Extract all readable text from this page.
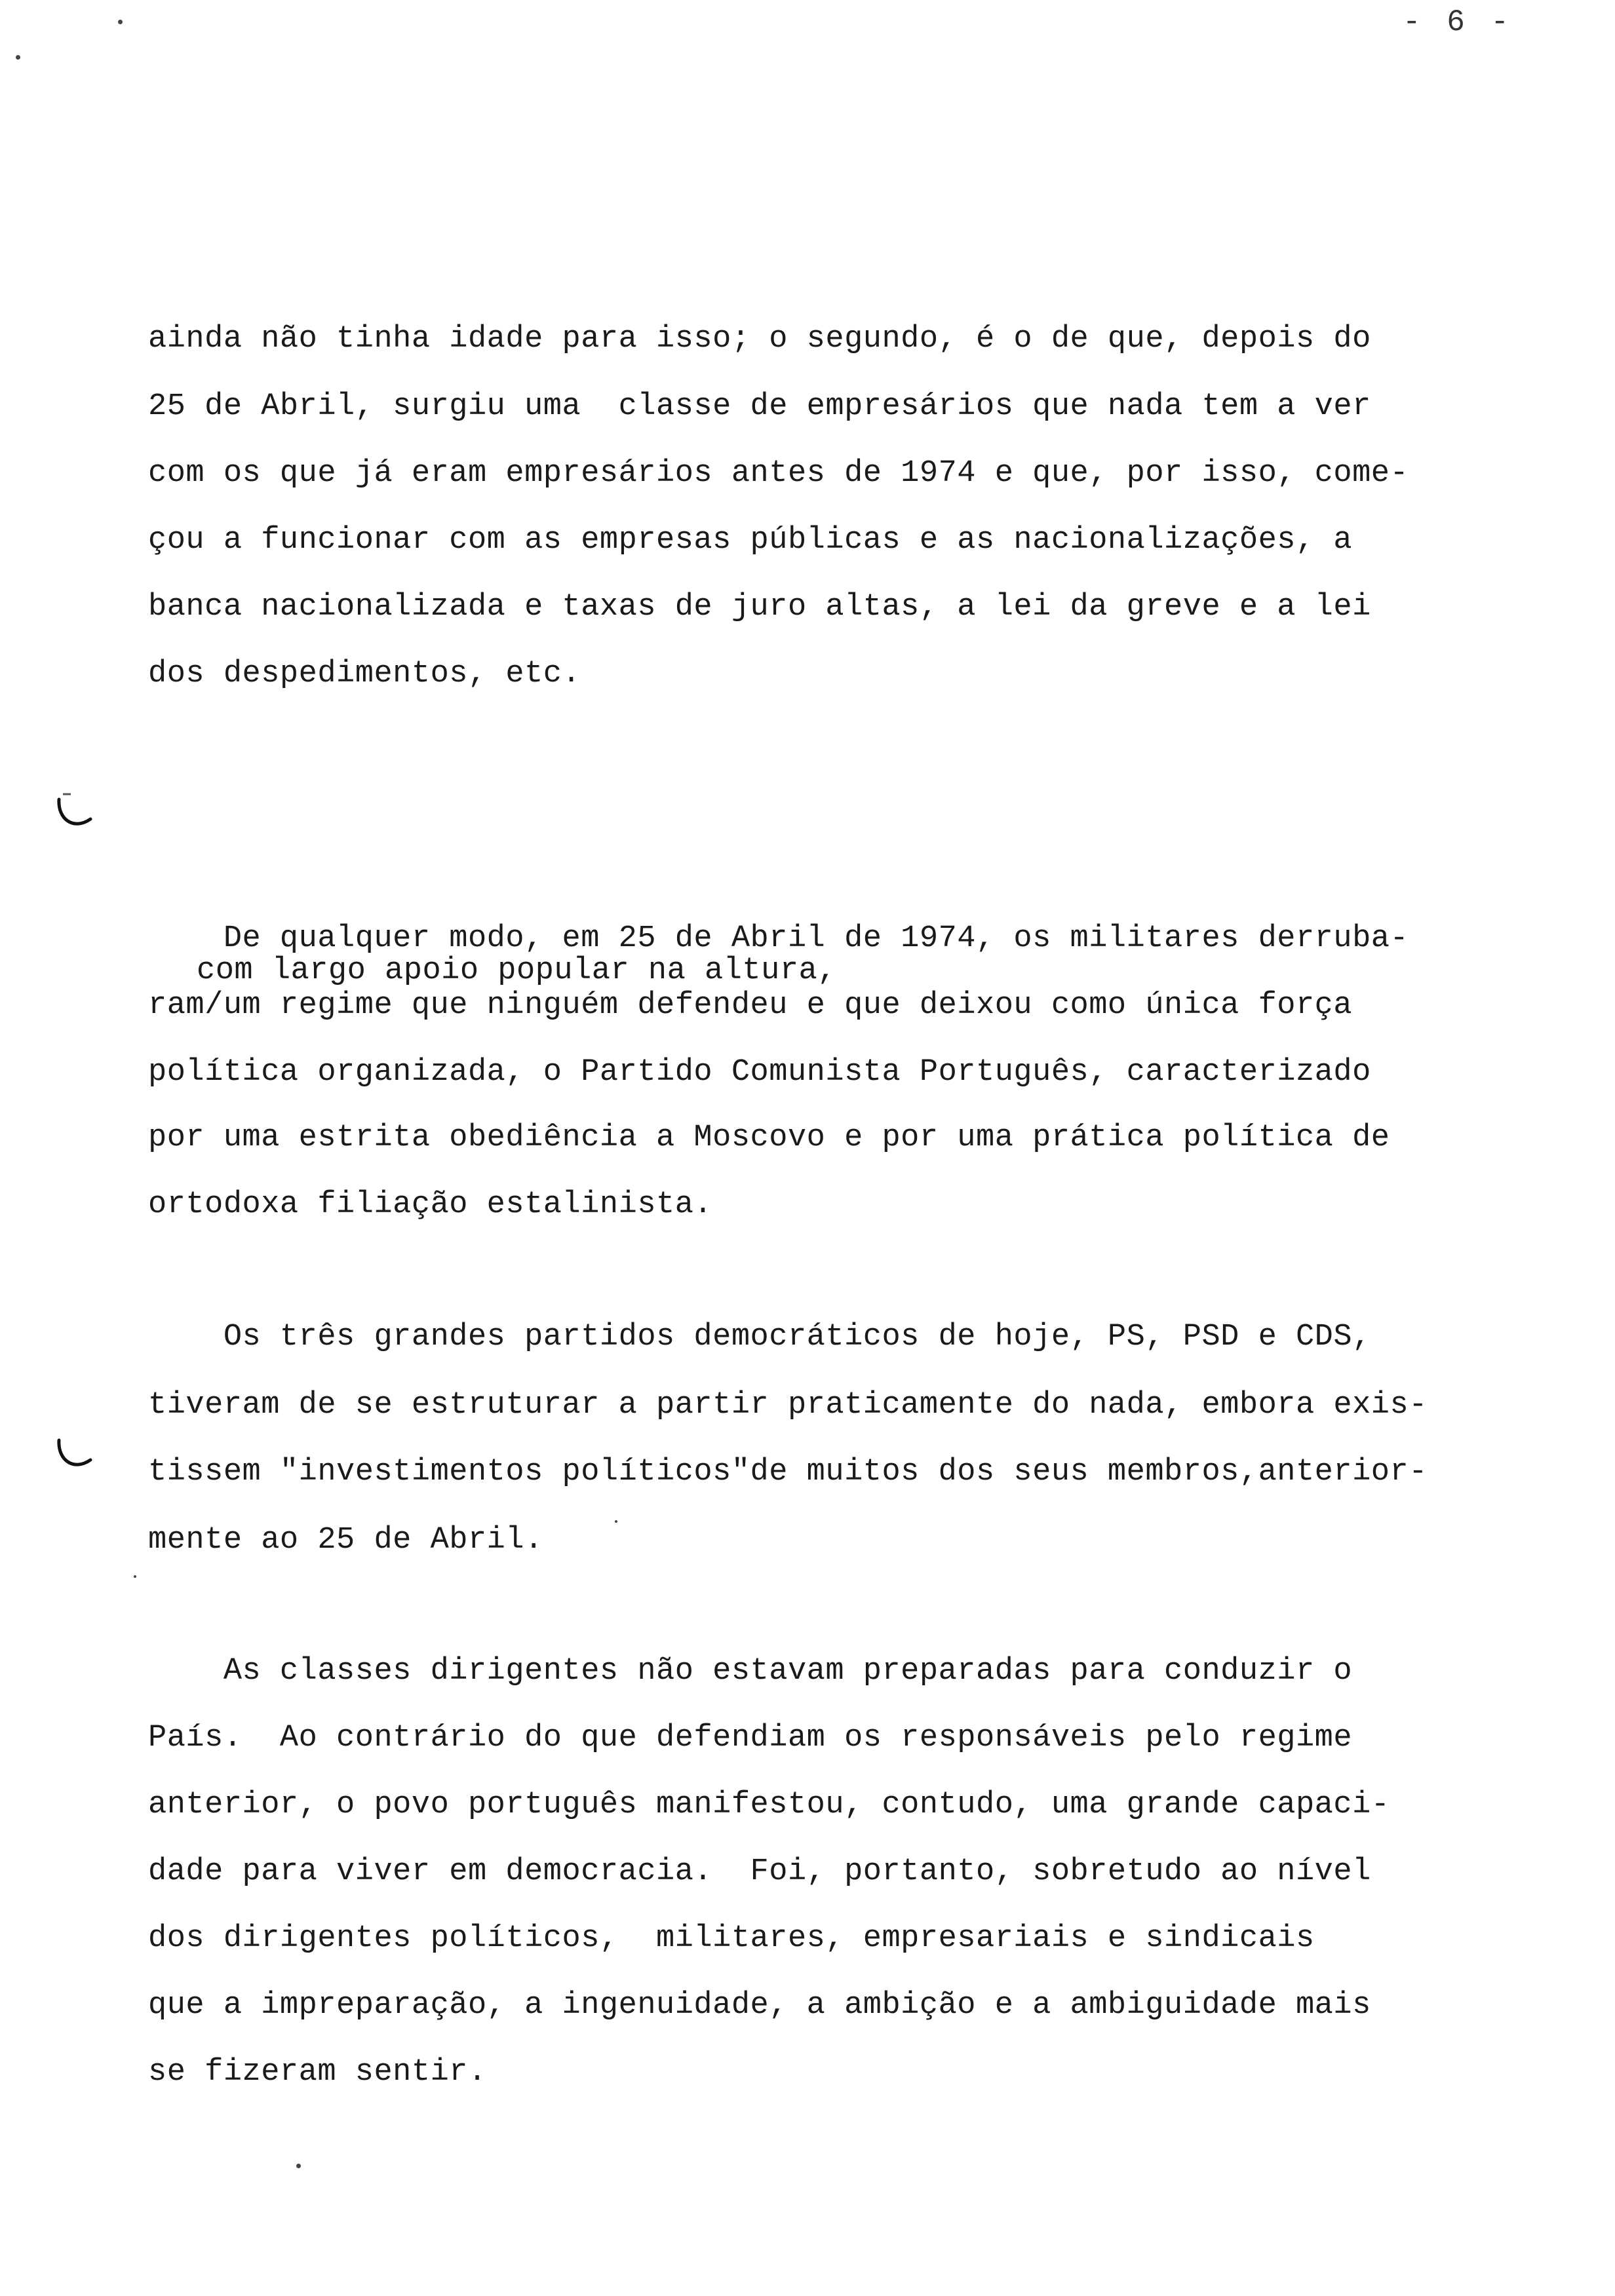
- 6 -
ainda não tinha idade para isso; o segundo, é o de que, depois do
25 de Abril, surgiu uma  classe de empresários que nada tem a ver
com os que já eram empresários antes de 1974 e que, por isso, come-
çou a funcionar com as empresas públicas e as nacionalizações, a
banca nacionalizada e taxas de juro altas, a lei da greve e a lei
dos despedimentos, etc.
De qualquer modo, em 25 de Abril de 1974, os militares derruba-
com largo apoio popular na altura,
ram/um regime que ninguém defendeu e que deixou como única força
política organizada, o Partido Comunista Português, caracterizado
por uma estrita obediência a Moscovo e por uma prática política de
ortodoxa filiação estalinista.
Os três grandes partidos democráticos de hoje, PS, PSD e CDS,
tiveram de se estruturar a partir praticamente do nada, embora exis-
tissem "investimentos políticos"de muitos dos seus membros,anterior-
mente ao 25 de Abril.
As classes dirigentes não estavam preparadas para conduzir o
País.  Ao contrário do que defendiam os responsáveis pelo regime
anterior, o povo português manifestou, contudo, uma grande capaci-
dade para viver em democracia.  Foi, portanto, sobretudo ao nível
dos dirigentes políticos,  militares, empresariais e sindicais
que a impreparação, a ingenuidade, a ambição e a ambiguidade mais
se fizeram sentir.
